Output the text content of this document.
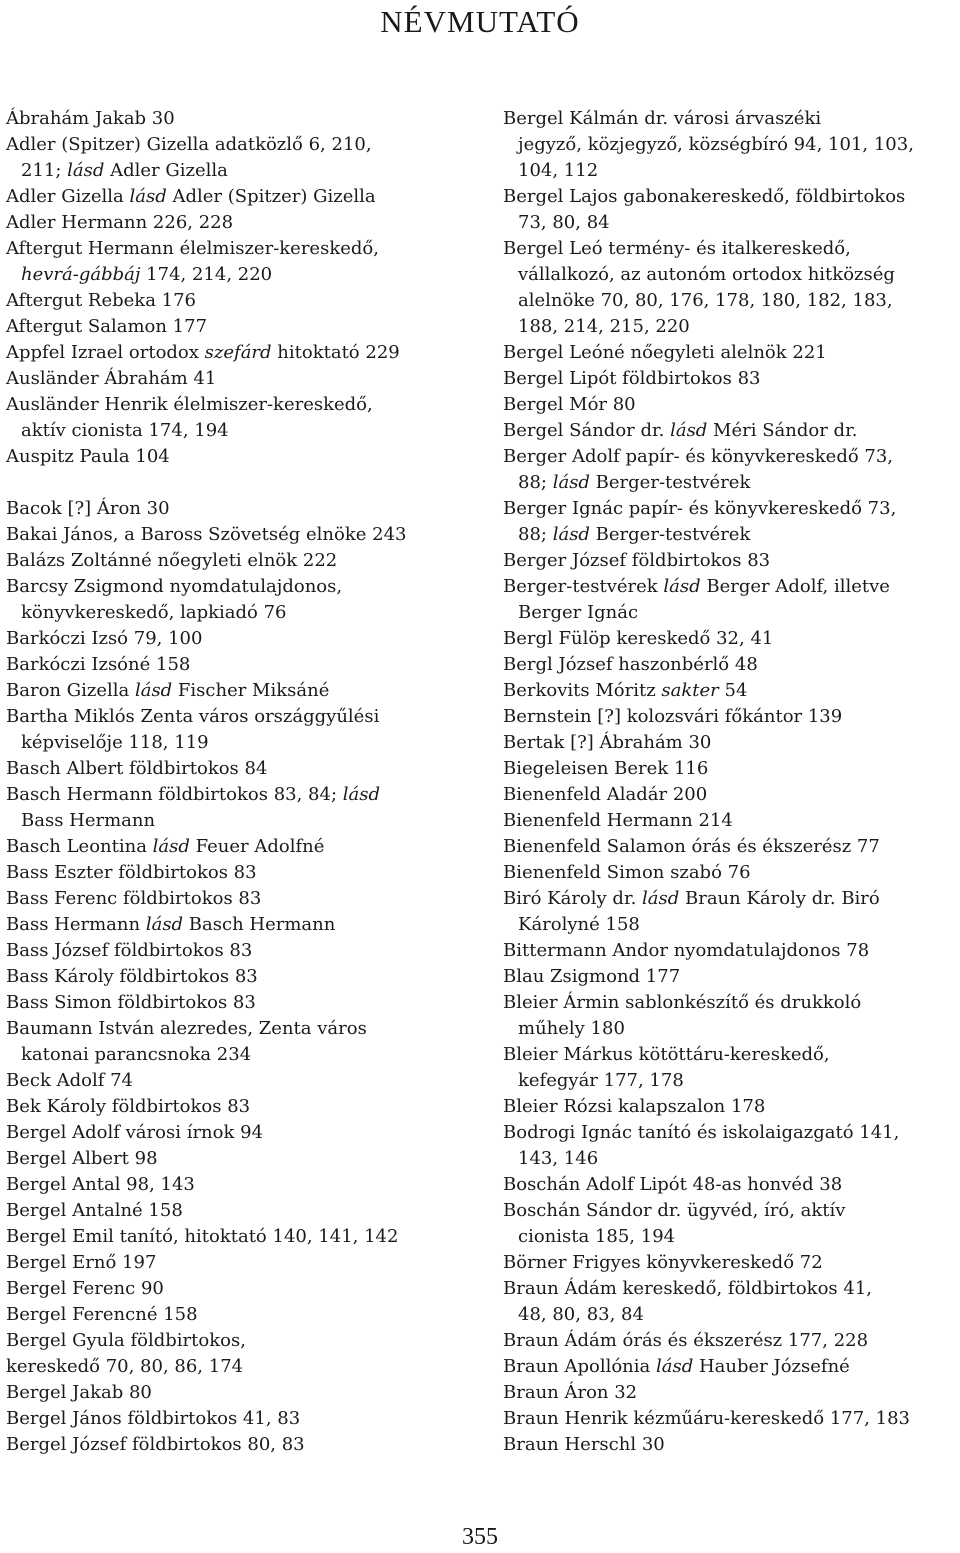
NÉVMUTATÓ
Ábrahám Jakab 30
Adler (Spitzer) Gizella adatközlő 6, 210,
211; lásd Adler Gizella
Adler Gizella lásd Adler (Spitzer) Gizella
Adler Hermann 226, 228
Aftergut Hermann élelmiszer-kereskedő,
hevrá-gábbáj 174, 214, 220
Aftergut Rebeka 176
Aftergut Salamon 177
Appfel Izrael ortodox szefárd hitoktató 229
Ausländer Ábrahám 41
Ausländer Henrik élelmiszer-kereskedő,
aktív cionista 174, 194
Auspitz Paula 104
Bacok [?] Áron 30
Bakai János, a Baross Szövetség elnöke 243
Balázs Zoltánné nőegyleti elnök 222
Barcsy Zsigmond nyomdatulajdonos,
könyvkereskedő, lapkiadó 76
Barkóczi Izsó 79, 100
Barkóczi Izsóné 158
Baron Gizella lásd Fischer Miksáné
Bartha Miklós Zenta város országgyűlési
képviselője 118, 119
Basch Albert földbirtokos 84
Basch Hermann földbirtokos 83, 84; lásd
Bass Hermann
Basch Leontina lásd Feuer Adolfné
Bass Eszter földbirtokos 83
Bass Ferenc földbirtokos 83
Bass Hermann lásd Basch Hermann
Bass József földbirtokos 83
Bass Károly földbirtokos 83
Bass Simon földbirtokos 83
Baumann István alezredes, Zenta város
katonai parancsnoka 234
Beck Adolf 74
Bek Károly földbirtokos 83
Bergel Adolf városi írnok 94
Bergel Albert 98
Bergel Antal 98, 143
Bergel Antalné 158
Bergel Emil tanító, hitoktató 140, 141, 142
Bergel Ernő 197
Bergel Ferenc 90
Bergel Ferencné 158
Bergel Gyula földbirtokos,
kereskedő 70, 80, 86, 174
Bergel Jakab 80
Bergel János földbirtokos 41, 83
Bergel József földbirtokos 80, 83
Bergel Kálmán dr. városi árvaszéki
jegyző, közjegyző, községbíró 94, 101, 103,
104, 112
Bergel Lajos gabonakereskedő, földbirtokos
73, 80, 84
Bergel Leó termény- és italkereskedő,
vállalkozó, az autonóm ortodox hitközség
alelnöke 70, 80, 176, 178, 180, 182, 183,
188, 214, 215, 220
Bergel Leóné nőegyleti alelnök 221
Bergel Lipót földbirtokos 83
Bergel Mór 80
Bergel Sándor dr. lásd Méri Sándor dr.
Berger Adolf papír- és könyvkereskedő 73,
88; lásd Berger-testvérek
Berger Ignác papír- és könyvkereskedő 73,
88; lásd Berger-testvérek
Berger József földbirtokos 83
Berger-testvérek lásd Berger Adolf, illetve
Berger Ignác
Bergl Fülöp kereskedő 32, 41
Bergl József haszonbérlő 48
Berkovits Móritz sakter 54
Bernstein [?] kolozsvári főkántor 139
Bertak [?] Ábrahám 30
Biegeleisen Berek 116
Bienenfeld Aladár 200
Bienenfeld Hermann 214
Bienenfeld Salamon órás és ékszerész 77
Bienenfeld Simon szabó 76
Biró Károly dr. lásd Braun Károly dr. Biró
Károlyné 158
Bittermann Andor nyomdatulajdonos 78
Blau Zsigmond 177
Bleier Ármin sablonkészítő és drukkoló
műhely 180
Bleier Márkus kötöttáru-kereskedő,
kefegyár 177, 178
Bleier Rózsi kalapszalon 178
Bodrogi Ignác tanító és iskolaigazgató 141,
143, 146
Boschán Adolf Lipót 48-as honvéd 38
Boschán Sándor dr. ügyvéd, író, aktív
cionista 185, 194
Börner Frigyes könyvkereskedő 72
Braun Ádám kereskedő, földbirtokos 41,
48, 80, 83, 84
Braun Ádám órás és ékszerész 177, 228
Braun Apollónia lásd Hauber Józsefné
Braun Áron 32
Braun Henrik kézműáru-kereskedő 177, 183
Braun Herschl 30
355
